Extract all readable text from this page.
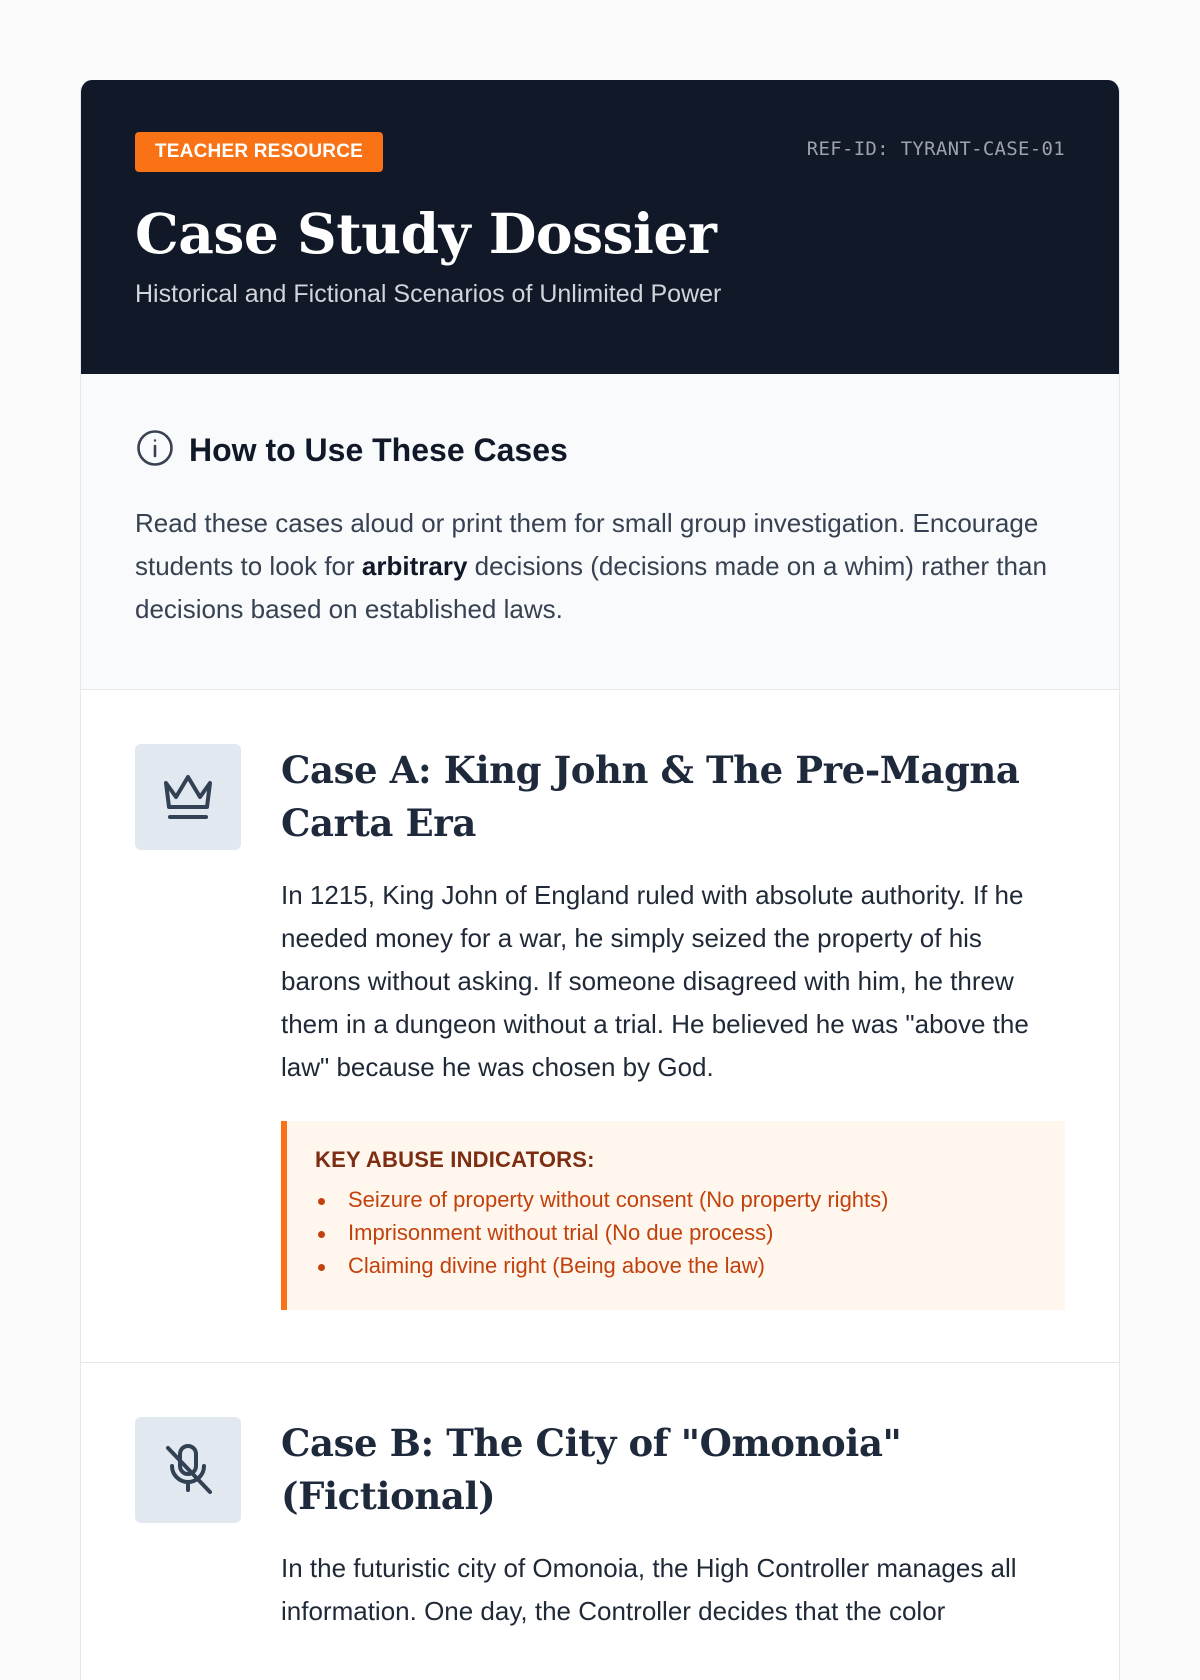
TEACHER RESOURCE	REF-ID: TYRANT-CASE-01
Case Study Dossier

Historical and Fictional Scenarios of Unlimited Power

How to Use These Cases

Read these cases aloud or print them for small group investigation. Encourage students to look for arbitrary decisions (decisions made on a whim) rather than decisions based on established laws.

Case A: King John & The Pre-Magna Carta Era

In 1215, King John of England ruled with absolute authority. If he needed money for a war, he simply seized the property of his barons without asking. If someone disagreed with him, he threw them in a dungeon without a trial. He believed he was "above the law" because he was chosen by God.

KEY ABUSE INDICATORS:
Seizure of property without consent (No property rights)
Imprisonment without trial (No due process)
Claiming divine right (Being above the law)
Case B: The City of "Omonoia" (Fictional)

In the futuristic city of Omonoia, the High Controller manages all information. One day, the Controller decides that the color
